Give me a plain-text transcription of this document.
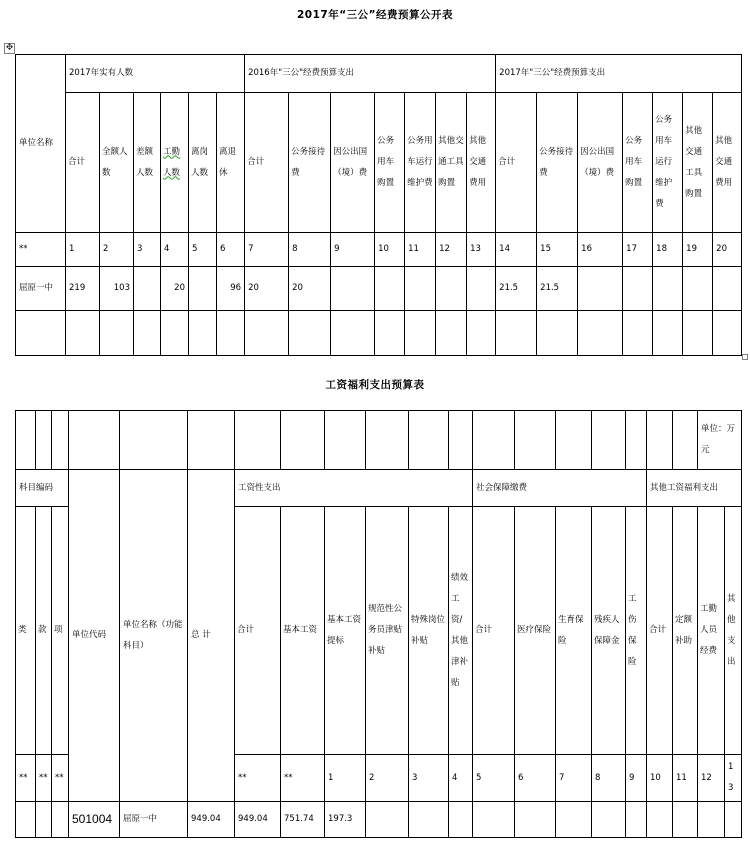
2017年“三公”经费预算公开表
✥
单位名称	2017年实有人数						2016年"三公"经费预算支出							2017年"三公"经费预算支出						
	合计	全额人数	差额人数	工勤人数	离岗人数	离退休	合计	公务接待费	因公出国（境）费	公务用车购置	公务用车运行维护费	其他交通工具购置	其他交通费用	合计	公务接待费	因公出国（境）费	公务用车购置	公务用车运行维护费	其他交通工具购置	其他交通费用
**	1	2	3	4	5	6	7	8	9	10	11	12	13	14	15	16	17	18	19	20
屈原一中	219	103		20		96	20	20						21.5	21.5					

工资福利支出预算表
																			单位：万元		
科目编码			单位代码	单位名称（功能科目）	总 计	工资性支出						社会保障缴费					其他工资福利支出				
类	款	项				合计	基本工资	基本工资提标	规范性公务员津贴补贴	特殊岗位补贴	绩效工资/其他津补贴	合计	医疗保险	生育保险	残疾人保障金	工伤保险	合计	定额补助	工勤人员经费	其他支出	
**	**	**				**	**	1	2	3	4	5	6	7	8	9	10	11	12	13			
			501004	屈原一中	949.04	949.04	751.74	197.3													
